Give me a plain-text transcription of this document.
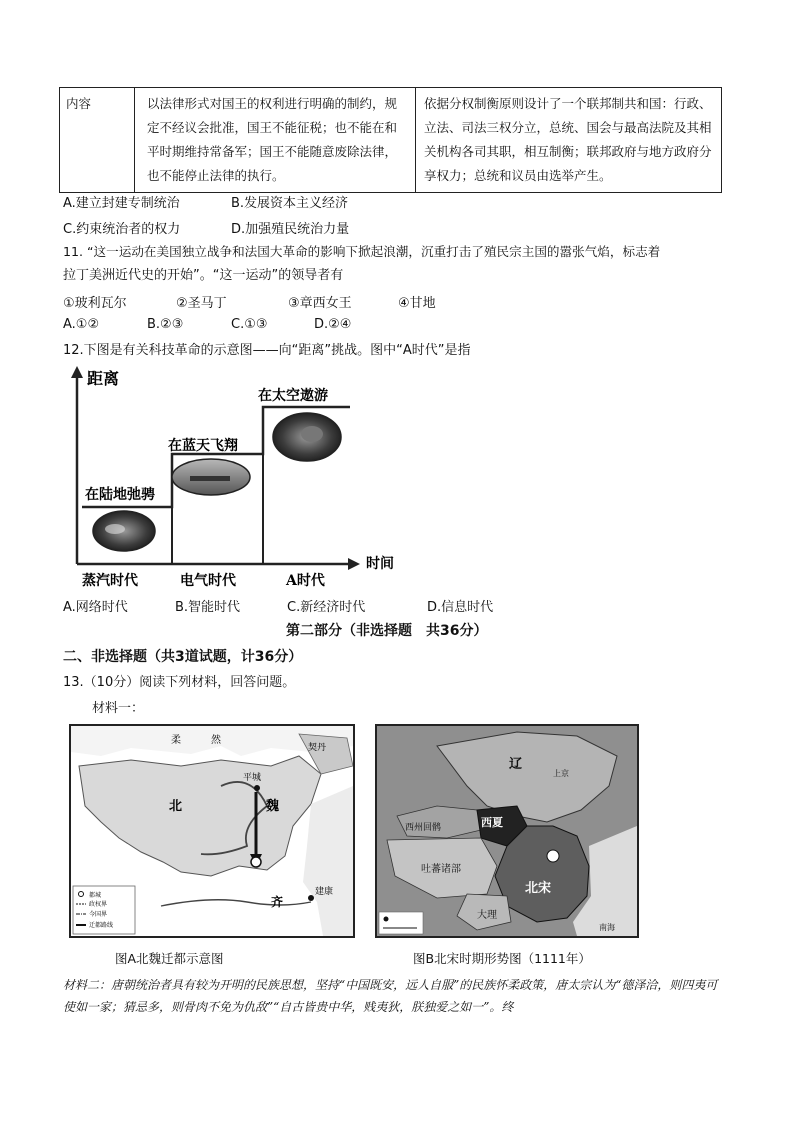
内容	以法律形式对国王的权利进行明确的制约，规定不经议会批准，国王不能征税；也不能在和平时期维持常备军；国王不能随意废除法律，也不能停止法律的执行。	依据分权制衡原则设计了一个联邦制共和国：行政、立法、司法三权分立，总统、国会与最高法院及其相关机构各司其职，相互制衡；联邦政府与地方政府分享权力；总统和议员由选举产生。
A.建立封建专制统治	B.发展资本主义经济
C.约束统治者的权力	D.加强殖民统治力量
11. “这一运动在美国独立战争和法国大革命的影响下掀起浪潮，沉重打击了殖民宗主国的嚣张气焰，标志着
拉丁美洲近代史的开始”。“这一运动”的领导者有
①玻利瓦尔	②圣马丁	③章西女王	④甘地
A.①②	B.②③	C.①③	D.②④
12.下图是有关科技革命的示意图——向“距离”挑战。图中“A时代”是指
距离
时间
在陆地弛骋
在蓝天飞翔
在太空遨游
蒸汽时代	电气时代	A时代
A.网络时代	B.智能时代	C.新经济时代	D.信息时代
第二部分（非选择题　共36分）
二、非选择题（共3道试题，计36分）
13.（10分）阅读下列材料，回答问题。
材料一：
柔　　　然
契丹
北	魏
平城
齐
建康
都城
政权界
今国界
迁都路线
辽
上京
西州回鹘	西夏
吐蕃诸部
北宋
大理
南海
图A北魏迁都示意图	图B北宋时期形势图（1111年）
材料二：唐朝统治者具有较为开明的民族思想，坚持“中国既安，远人自服”的民族怀柔政策，唐太宗认为“德泽洽，则四夷可使如一家；猜忌多，则骨肉不免为仇敌”“自古皆贵中华，贱夷狄，朕独爱之如一”。终
